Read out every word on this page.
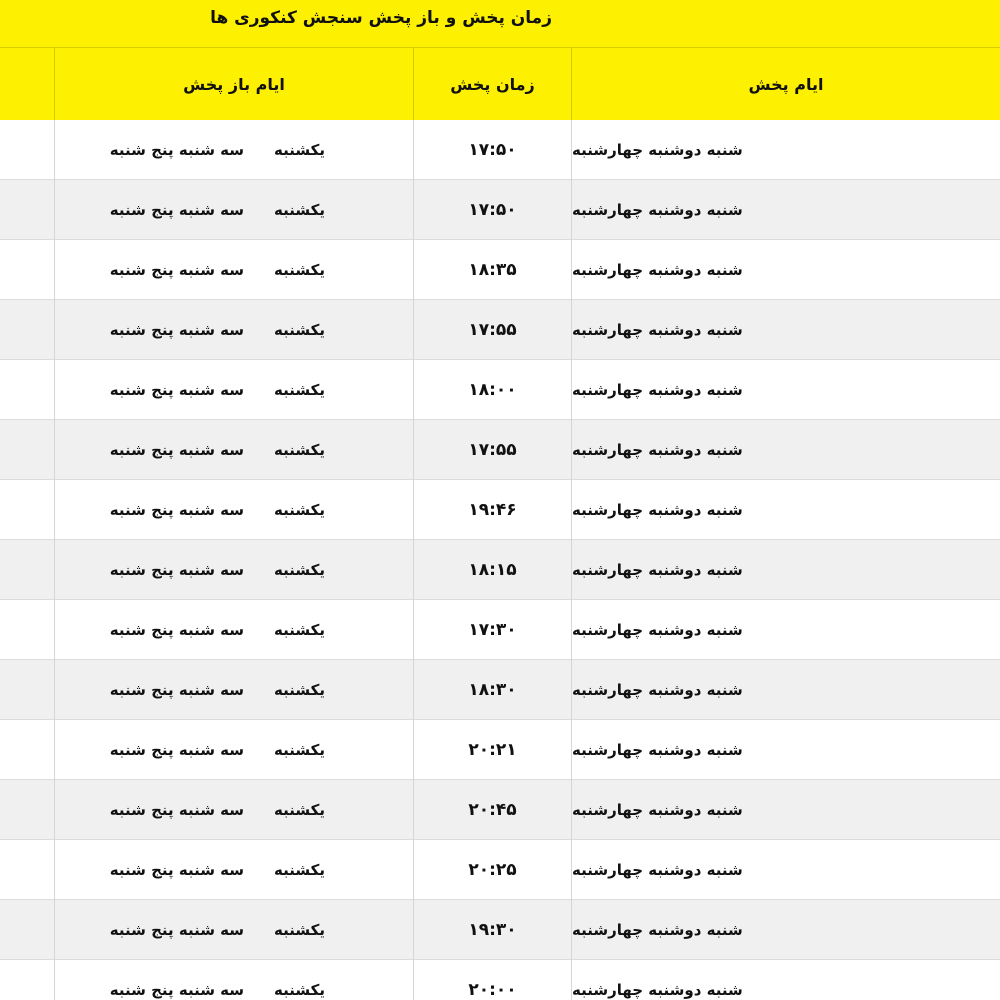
زمان پخش و باز پخش سنجش کنکوری ها
ایام پخش
زمان پخش
ایام باز پخش
شنبه دوشنبه چهارشنبه
۱۷:۵۰
یکشنبه
سه شنبه پنج شنبه
شنبه دوشنبه چهارشنبه
۱۷:۵۰
یکشنبه
سه شنبه پنج شنبه
شنبه دوشنبه چهارشنبه
۱۸:۳۵
یکشنبه
سه شنبه پنج شنبه
شنبه دوشنبه چهارشنبه
۱۷:۵۵
یکشنبه
سه شنبه پنج شنبه
شنبه دوشنبه چهارشنبه
۱۸:۰۰
یکشنبه
سه شنبه پنج شنبه
شنبه دوشنبه چهارشنبه
۱۷:۵۵
یکشنبه
سه شنبه پنج شنبه
شنبه دوشنبه چهارشنبه
۱۹:۴۶
یکشنبه
سه شنبه پنج شنبه
شنبه دوشنبه چهارشنبه
۱۸:۱۵
یکشنبه
سه شنبه پنج شنبه
شنبه دوشنبه چهارشنبه
۱۷:۳۰
یکشنبه
سه شنبه پنج شنبه
شنبه دوشنبه چهارشنبه
۱۸:۳۰
یکشنبه
سه شنبه پنج شنبه
شنبه دوشنبه چهارشنبه
۲۰:۲۱
یکشنبه
سه شنبه پنج شنبه
شنبه دوشنبه چهارشنبه
۲۰:۴۵
یکشنبه
سه شنبه پنج شنبه
شنبه دوشنبه چهارشنبه
۲۰:۲۵
یکشنبه
سه شنبه پنج شنبه
شنبه دوشنبه چهارشنبه
۱۹:۳۰
یکشنبه
سه شنبه پنج شنبه
شنبه دوشنبه چهارشنبه
۲۰:۰۰
یکشنبه
سه شنبه پنج شنبه
